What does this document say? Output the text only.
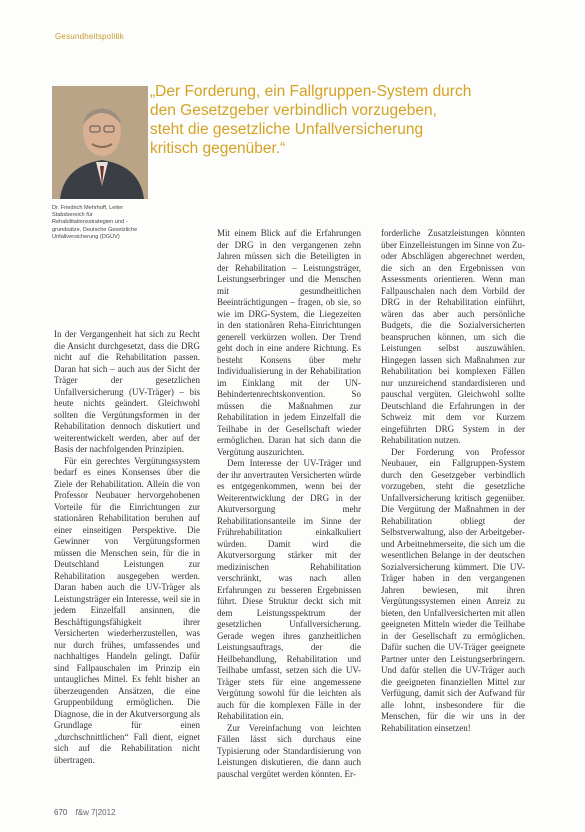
Gesundheitspolitik
Dr. Friedrich Mehrhoff, Leiter Stabsbereich für Rehabilitationsstrategien und -grundsätze, Deutsche Gesetzliche Unfallversicherung (DGUV)
„Der Forderung, ein Fallgruppen-System durch
den Gesetzgeber verbindlich vorzugeben,
steht die gesetzliche Unfallversicherung
kritisch gegenüber.“

In der Vergangenheit hat sich zu Recht die Ansicht durchgesetzt, dass die DRG nicht auf die Rehabilitation passen. Daran hat sich – auch aus der Sicht der Träger der gesetzlichen Unfallversicherung (UV-Träger) – bis heute nichts geändert. Gleichwohl sollten die Vergütungsformen in der Rehabilitation dennoch diskutiert und weiterentwickelt werden, aber auf der Basis der nachfolgenden Prinzipien.

Für ein gerechtes Vergütungssystem bedarf es eines Konsenses über die Ziele der Rehabilitation. Allein die von Professor Neubauer hervorgehobenen Vorteile für die Einrichtungen zur stationären Rehabilitation beruhen auf einer einseitigen Perspektive. Die Gewinner von Vergütungsformen müssen die Menschen sein, für die in Deutschland Leistungen zur Rehabilitation ausgegeben werden. Daran haben auch die UV-Träger als Leistungsträger ein Interesse, weil sie in jedem Einzelfall ansinnen, die Beschäftigungsfähigkeit ihrer Versicherten wiederherzustellen, was nur durch frühes, umfassendes und nachhaltiges Handeln gelingt. Dafür sind Fallpauschalen im Prinzip ein untaugliches Mittel. Es fehlt bisher an überzeugenden Ansätzen, die eine Gruppenbildung ermöglichen. Die Diagnose, die in der Akutversorgung als Grundlage für einen „durchschnittlichen“ Fall dient, eignet sich auf die Rehabilitation nicht übertragen.

Mit einem Blick auf die Erfahrungen der DRG in den vergangenen zehn Jahren müssen sich die Beteiligten in der Rehabilitation – Leistungsträger, Leistungserbringer und die Menschen mit gesundheitlichen Beeinträchtigungen – fragen, ob sie, so wie im DRG-System, die Liegezeiten in den stationären Reha-Einrichtungen generell verkürzen wollen. Der Trend geht doch in eine andere Richtung. Es besteht Konsens über mehr Individualisierung in der Rehabilitation im Einklang mit der UN-Behindertenrechtskonvention. So müssen die Maßnahmen zur Rehabilitation in jedem Einzelfall die Teilhabe in der Gesellschaft wieder ermöglichen. Daran hat sich dann die Vergütung auszurichten.

Dem Interesse der UV-Träger und der ihr anvertrauten Versicherten würde es entgegenkommen, wenn bei der Weiterentwicklung der DRG in der Akutversorgung mehr Rehabilitationsanteile im Sinne der Frührehabilitation einkalkuliert würden. Damit wird die Akutversorgung stärker mit der medizinischen Rehabilitation verschränkt, was nach allen Erfahrungen zu besseren Ergebnissen führt. Diese Struktur deckt sich mit dem Leistungsspektrum der gesetzlichen Unfallversicherung. Gerade wegen ihres ganzheitlichen Leistungsauftrags, der die Heilbehandlung, Rehabilitation und Teilhabe umfasst, setzen sich die UV-Träger stets für eine angemessene Vergütung sowohl für die leichten als auch für die komplexen Fälle in der Rehabilitation ein.

Zur Vereinfachung von leichten Fällen lässt sich durchaus eine Typisierung oder Standardisierung von Leistungen diskutieren, die dann auch pauschal vergütet werden könnten. Er-

forderliche Zusatzleistungen könnten über Einzelleistungen im Sinne von Zu- oder Abschlägen abgerechnet werden, die sich an den Ergebnissen von Assessments orientieren. Wenn man Fallpauschalen nach dem Vorbild der DRG in der Rehabilitation einführt, wären das aber auch persönliche Budgets, die die Sozialversicherten beanspruchen können, um sich die Leistungen selbst auszuwählen. Hingegen lassen sich Maßnahmen zur Rehabilitation bei komplexen Fällen nur unzureichend standardisieren und pauschal vergüten. Gleichwohl sollte Deutschland die Erfahrungen in der Schweiz mit dem vor Kurzem eingeführten DRG System in der Rehabilitation nutzen.

Der Forderung von Professor Neubauer, ein Fallgruppen-System durch den Gesetzgeber verbindlich vorzugeben, steht die gesetzliche Unfallversicherung kritisch gegenüber. Die Vergütung der Maßnahmen in der Rehabilitation obliegt der Selbstverwaltung, also der Arbeitgeber- und Arbeitnehmerseite, die sich um die wesentlichen Belange in der deutschen Sozialversicherung kümmert. Die UV-Träger haben in den vergangenen Jahren bewiesen, mit ihren Vergütungssystemen einen Anreiz zu bieten, den Unfallversicherten mit allen geeigneten Mitteln wieder die Teilhabe in der Gesellschaft zu ermöglichen. Dafür suchen die UV-Träger geeignete Partner unter den Leistungserbringern. Und dafür stellen die UV-Träger auch die geeigneten finanziellen Mittel zur Verfügung, damit sich der Aufwand für alle lohnt, insbesondere für die Menschen, für die wir uns in der Rehabilitation einsetzen!

670 f&w 7|2012
